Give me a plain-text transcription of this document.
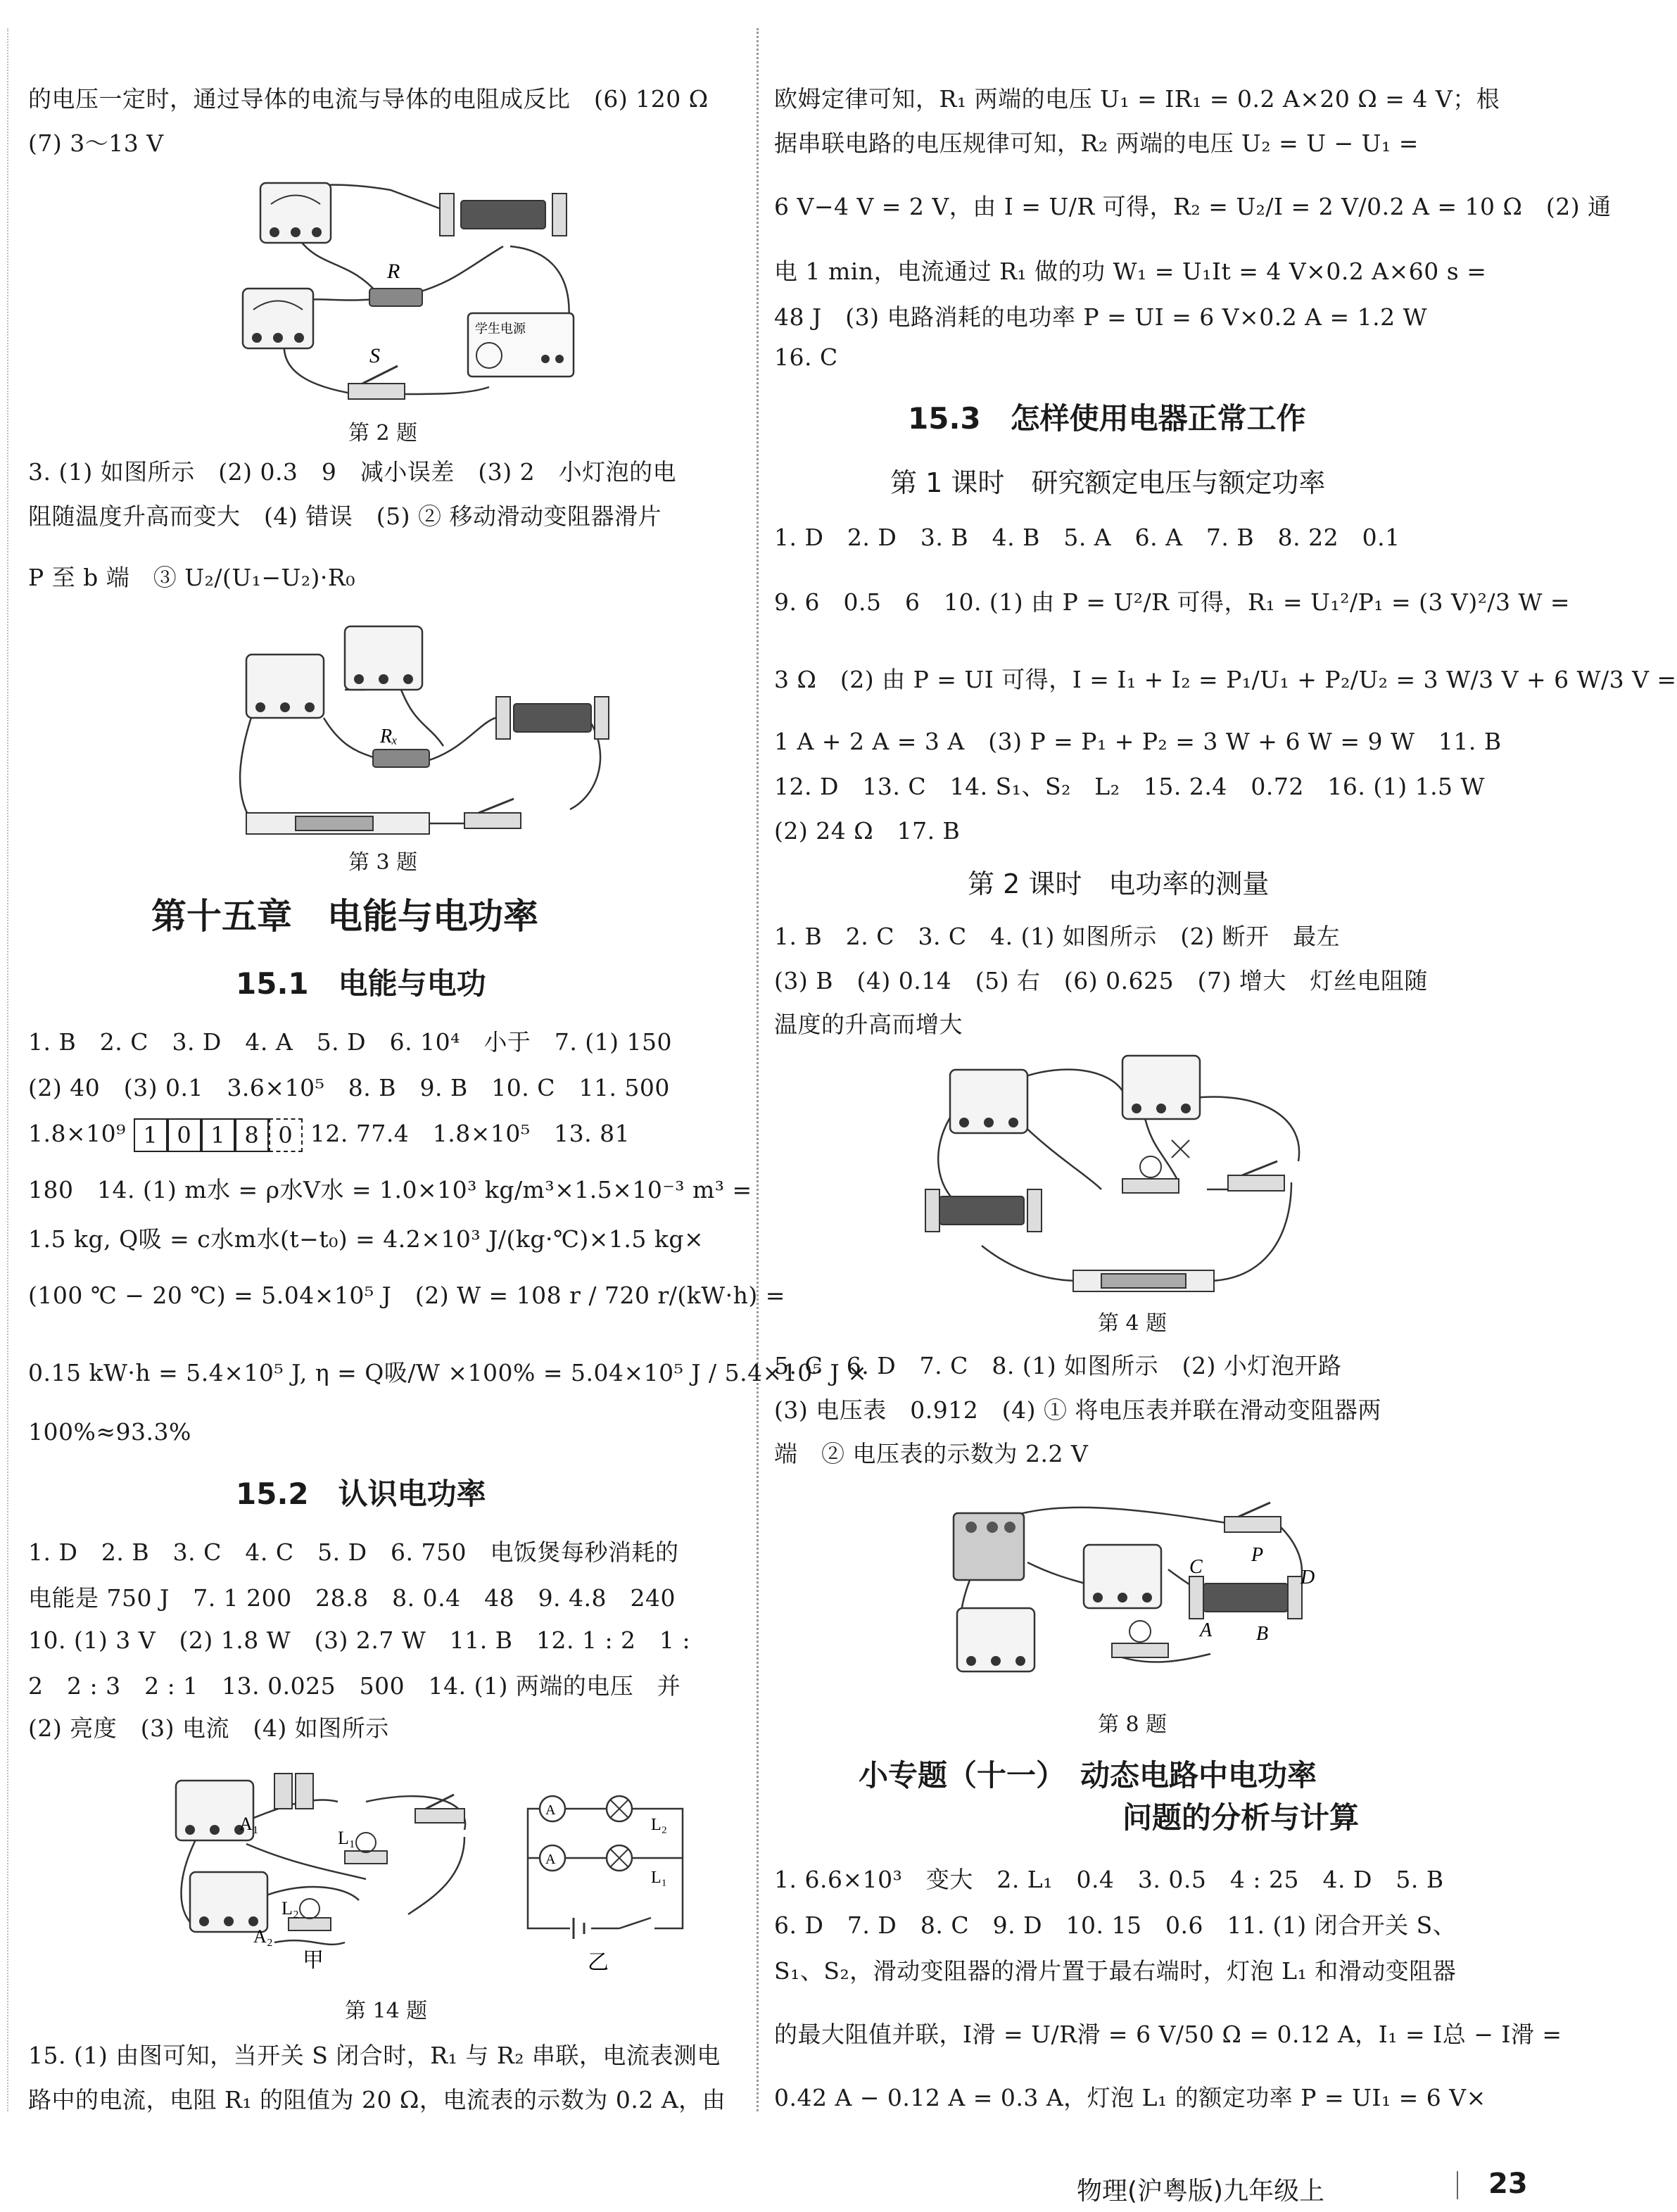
的电压一定时，通过导体的电流与导体的电阻成反比　(6) 120 Ω
(7) 3～13 V
R
S
学生电源
第 2 题
3. (1) 如图所示　(2) 0.3　9　减小误差　(3) 2　小灯泡的电
阻随温度升高而变大　(4) 错误　(5) ② 移动滑动变阻器滑片
P 至 b 端　③ U₂/(U₁−U₂)·R₀
Rₓ
第 3 题
第十五章　电能与电功率
15.1　电能与电功
1. B　2. C　3. D　4. A　5. D　6. 10⁴　小于　7. (1) 150
(2) 40　(3) 0.1　3.6×10⁵　8. B　9. B　10. C　11. 500
1.8×10⁹ 1 0 1 8 0 12. 77.4　1.8×10⁵　13. 81
180　14. (1) m水 = ρ水V水 = 1.0×10³ kg/m³×1.5×10⁻³ m³ =
1.5 kg, Q吸 = c水m水(t−t₀) = 4.2×10³ J/(kg·℃)×1.5 kg×
(100 ℃ − 20 ℃) = 5.04×10⁵ J　(2) W = 108 r / 720 r/(kW·h) =
0.15 kW·h = 5.4×10⁵ J, η = Q吸/W ×100% = 5.04×10⁵ J / 5.4×10⁵ J ×
100%≈93.3%
15.2　认识电功率
1. D　2. B　3. C　4. C　5. D　6. 750　电饭煲每秒消耗的
电能是 750 J　7. 1 200　28.8　8. 0.4　48　9. 4.8　240
10. (1) 3 V　(2) 1.8 W　(3) 2.7 W　11. B　12. 1 : 2　1 :
2　2 : 3　2 : 1　13. 0.025　500　14. (1) 两端的电压　并
(2) 亮度　(3) 电流　(4) 如图所示
A₁
A₂
L₁
L₂
甲
A
A
L₂
L₁
乙
第 14 题
15. (1) 由图可知，当开关 S 闭合时，R₁ 与 R₂ 串联，电流表测电
路中的电流，电阻 R₁ 的阻值为 20 Ω，电流表的示数为 0.2 A，由
欧姆定律可知，R₁ 两端的电压 U₁ = IR₁ = 0.2 A×20 Ω = 4 V；根
据串联电路的电压规律可知，R₂ 两端的电压 U₂ = U − U₁ =
6 V−4 V = 2 V，由 I = U/R 可得，R₂ = U₂/I = 2 V/0.2 A = 10 Ω　(2) 通
电 1 min，电流通过 R₁ 做的功 W₁ = U₁It = 4 V×0.2 A×60 s =
48 J　(3) 电路消耗的电功率 P = UI = 6 V×0.2 A = 1.2 W
16. C
15.3　怎样使用电器正常工作
第 1 课时　研究额定电压与额定功率
1. D　2. D　3. B　4. B　5. A　6. A　7. B　8. 22　0.1
9. 6　0.5　6　10. (1) 由 P = U²/R 可得，R₁ = U₁²/P₁ = (3 V)²/3 W =
3 Ω　(2) 由 P = UI 可得，I = I₁ + I₂ = P₁/U₁ + P₂/U₂ = 3 W/3 V + 6 W/3 V =
1 A + 2 A = 3 A　(3) P = P₁ + P₂ = 3 W + 6 W = 9 W　11. B
12. D　13. C　14. S₁、S₂　L₂　15. 2.4　0.72　16. (1) 1.5 W
(2) 24 Ω　17. B
第 2 课时　电功率的测量
1. B　2. C　3. C　4. (1) 如图所示　(2) 断开　最左
(3) B　(4) 0.14　(5) 右　(6) 0.625　(7) 增大　灯丝电阻随
温度的升高而增大
第 4 题
5. C　6. D　7. C　8. (1) 如图所示　(2) 小灯泡开路
(3) 电压表　0.912　(4) ① 将电压表并联在滑动变阻器两
端　② 电压表的示数为 2.2 V
C
P
D
A B
第 8 题
小专题（十一）　动态电路中电功率
问题的分析与计算
1. 6.6×10³　变大　2. L₁　0.4　3. 0.5　4 : 25　4. D　5. B
6. D　7. D　8. C　9. D　10. 15　0.6　11. (1) 闭合开关 S、
S₁、S₂，滑动变阻器的滑片置于最右端时，灯泡 L₁ 和滑动变阻器
的最大阻值并联，I滑 = U/R滑 = 6 V/50 Ω = 0.12 A，I₁ = I总 − I滑 =
0.42 A − 0.12 A = 0.3 A，灯泡 L₁ 的额定功率 P = UI₁ = 6 V×
物理(沪粤版)九年级上	23
